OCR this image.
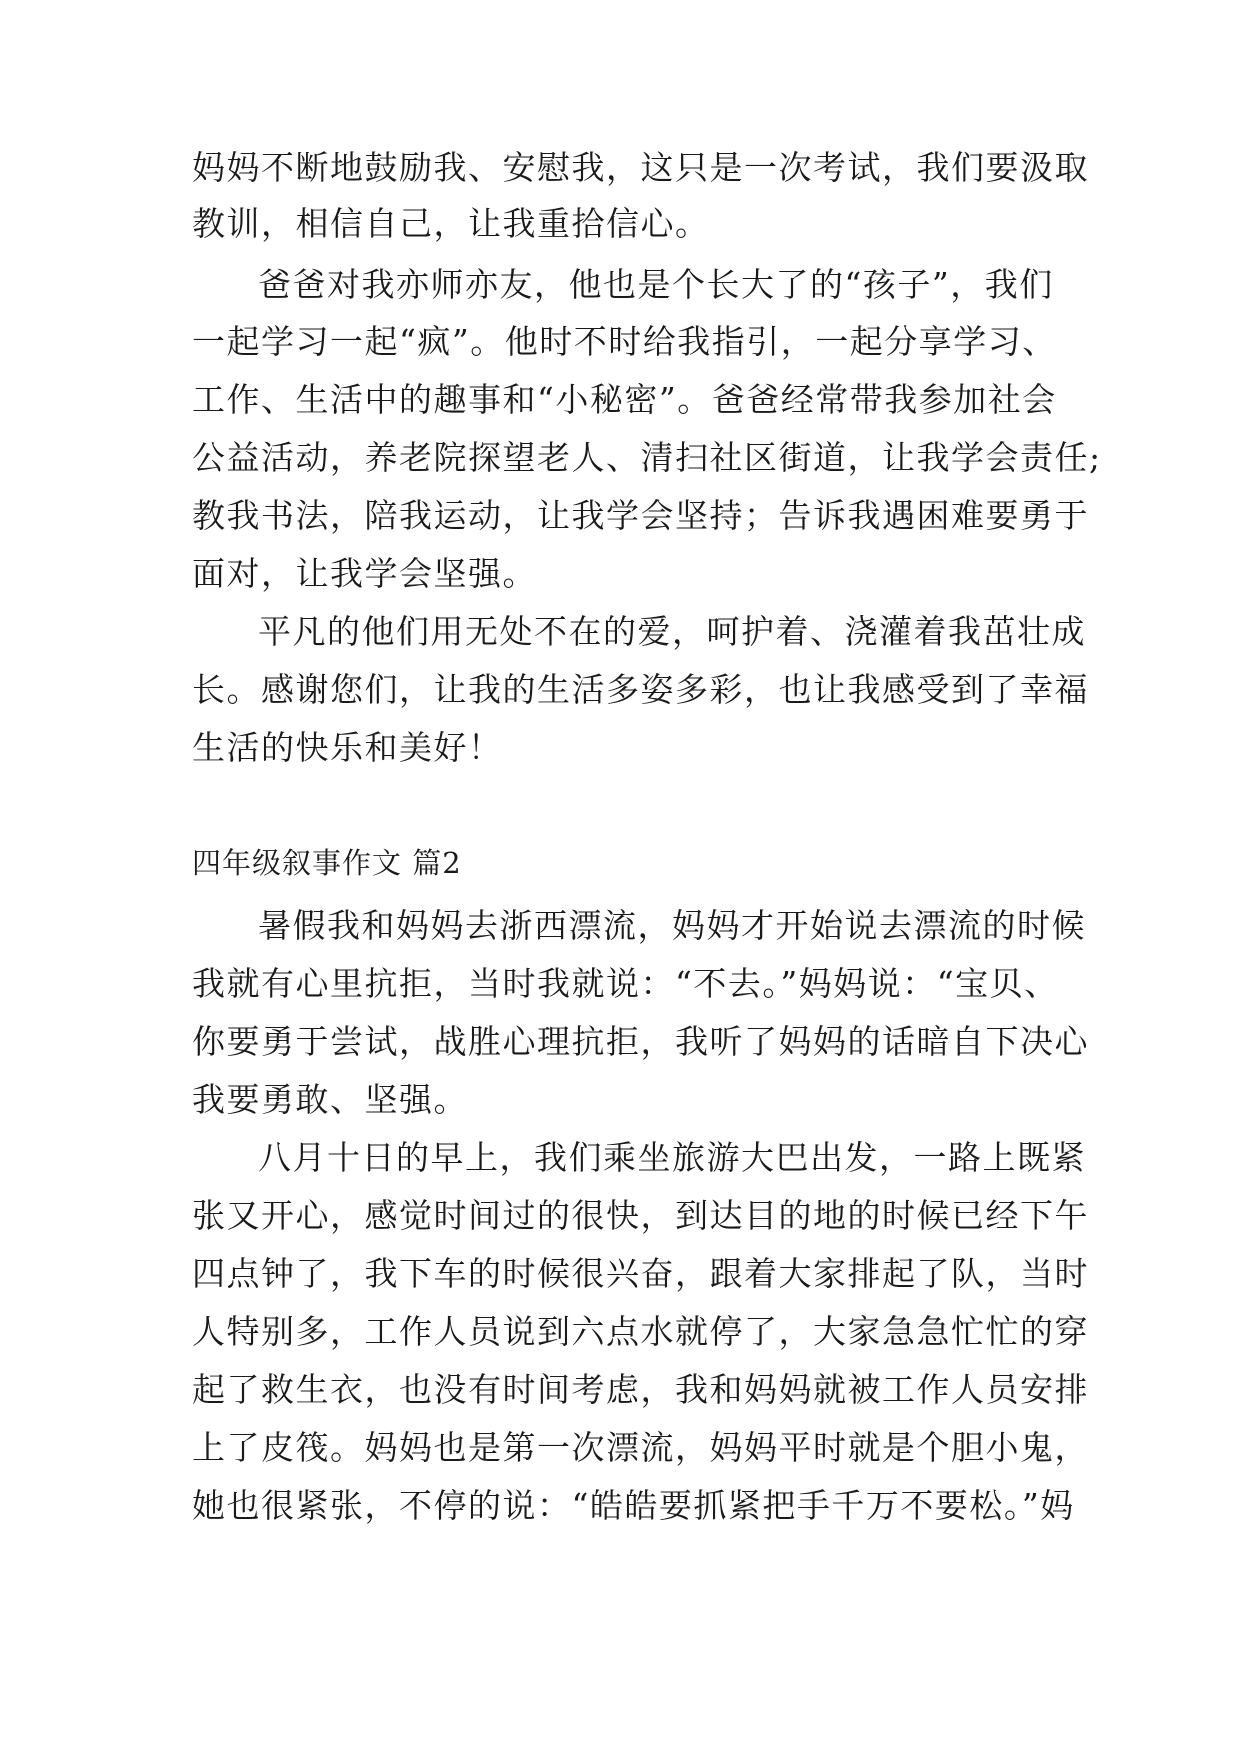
妈妈不断地鼓励我、安慰我，这只是一次考试，我们要汲取
教训，相信自己，让我重拾信心。
爸爸对我亦师亦友，他也是个长大了的“孩子”，我们
一起学习一起“疯”。他时不时给我指引，一起分享学习、
工作、生活中的趣事和“小秘密”。爸爸经常带我参加社会
公益活动，养老院探望老人、清扫社区街道，让我学会责任;
教我书法，陪我运动，让我学会坚持；告诉我遇困难要勇于
面对，让我学会坚强。
平凡的他们用无处不在的爱，呵护着、浇灌着我茁壮成
长。感谢您们，让我的生活多姿多彩，也让我感受到了幸福
生活的快乐和美好！
四年级叙事作文 篇2
暑假我和妈妈去浙西漂流，妈妈才开始说去漂流的时候
我就有心里抗拒，当时我就说：“不去。”妈妈说：“宝贝、
你要勇于尝试，战胜心理抗拒，我听了妈妈的话暗自下决心
我要勇敢、坚强。
八月十日的早上，我们乘坐旅游大巴出发，一路上既紧
张又开心，感觉时间过的很快，到达目的地的时候已经下午
四点钟了，我下车的时候很兴奋，跟着大家排起了队，当时
人特别多，工作人员说到六点水就停了，大家急急忙忙的穿
起了救生衣，也没有时间考虑，我和妈妈就被工作人员安排
上了皮筏。妈妈也是第一次漂流，妈妈平时就是个胆小鬼，
她也很紧张，不停的说：“皓皓要抓紧把手千万不要松。”妈
